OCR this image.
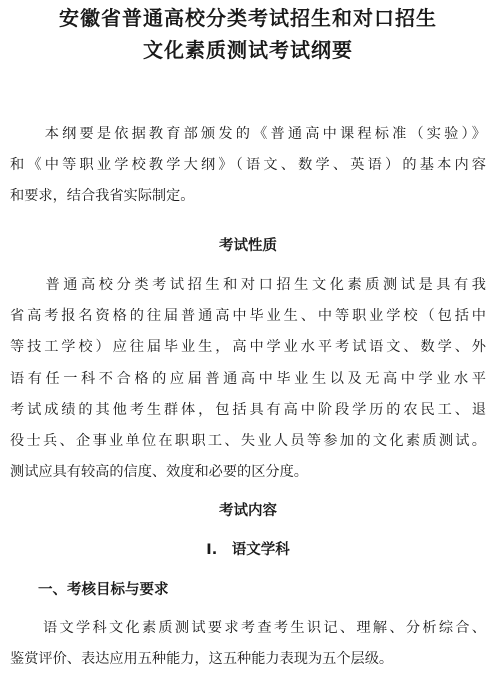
安徽省普通高校分类考试招生和对口招生
文化素质测试考试纲要
　　本纲要是依据教育部颁发的《普通高中课程标准（实验）》
和《中等职业学校教学大纲》（语文、数学、英语）的基本内容
和要求，结合我省实际制定。
考试性质
　　普通高校分类考试招生和对口招生文化素质测试是具有我
省高考报名资格的往届普通高中毕业生、中等职业学校（包括中
等技工学校）应往届毕业生，高中学业水平考试语文、数学、外
语有任一科不合格的应届普通高中毕业生以及无高中学业水平
考试成绩的其他考生群体，包括具有高中阶段学历的农民工、退
役士兵、企事业单位在职职工、失业人员等参加的文化素质测试。
测试应具有较高的信度、效度和必要的区分度。
考试内容
I.　语文学科
一、考核目标与要求
　　语文学科文化素质测试要求考查考生识记、理解、分析综合、
鉴赏评价、表达应用五种能力，这五种能力表现为五个层级。
